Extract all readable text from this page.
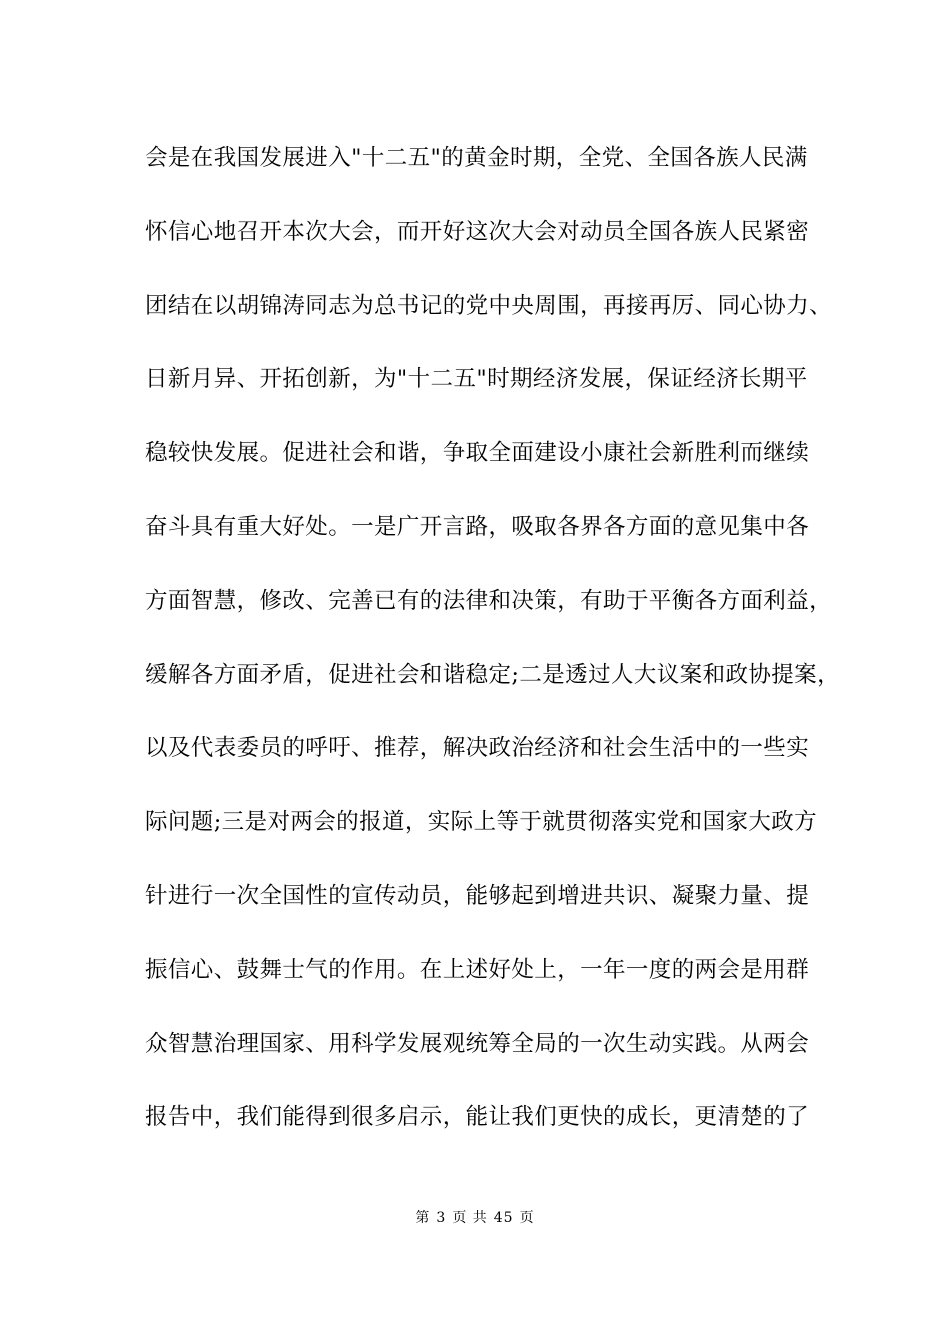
会是在我国发展进入"十二五"的黄金时期，全党、全国各族人民满
怀信心地召开本次大会，而开好这次大会对动员全国各族人民紧密
团结在以胡锦涛同志为总书记的党中央周围，再接再厉、同心协力、
日新月异、开拓创新，为"十二五"时期经济发展，保证经济长期平
稳较快发展。促进社会和谐，争取全面建设小康社会新胜利而继续
奋斗具有重大好处。一是广开言路，吸取各界各方面的意见集中各
方面智慧，修改、完善已有的法律和决策，有助于平衡各方面利益，
缓解各方面矛盾，促进社会和谐稳定;二是透过人大议案和政协提案，
以及代表委员的呼吁、推荐，解决政治经济和社会生活中的一些实
际问题;三是对两会的报道，实际上等于就贯彻落实党和国家大政方
针进行一次全国性的宣传动员，能够起到增进共识、凝聚力量、提
振信心、鼓舞士气的作用。在上述好处上，一年一度的两会是用群
众智慧治理国家、用科学发展观统筹全局的一次生动实践。从两会
报告中，我们能得到很多启示，能让我们更快的成长，更清楚的了
第 3 页 共 45 页
